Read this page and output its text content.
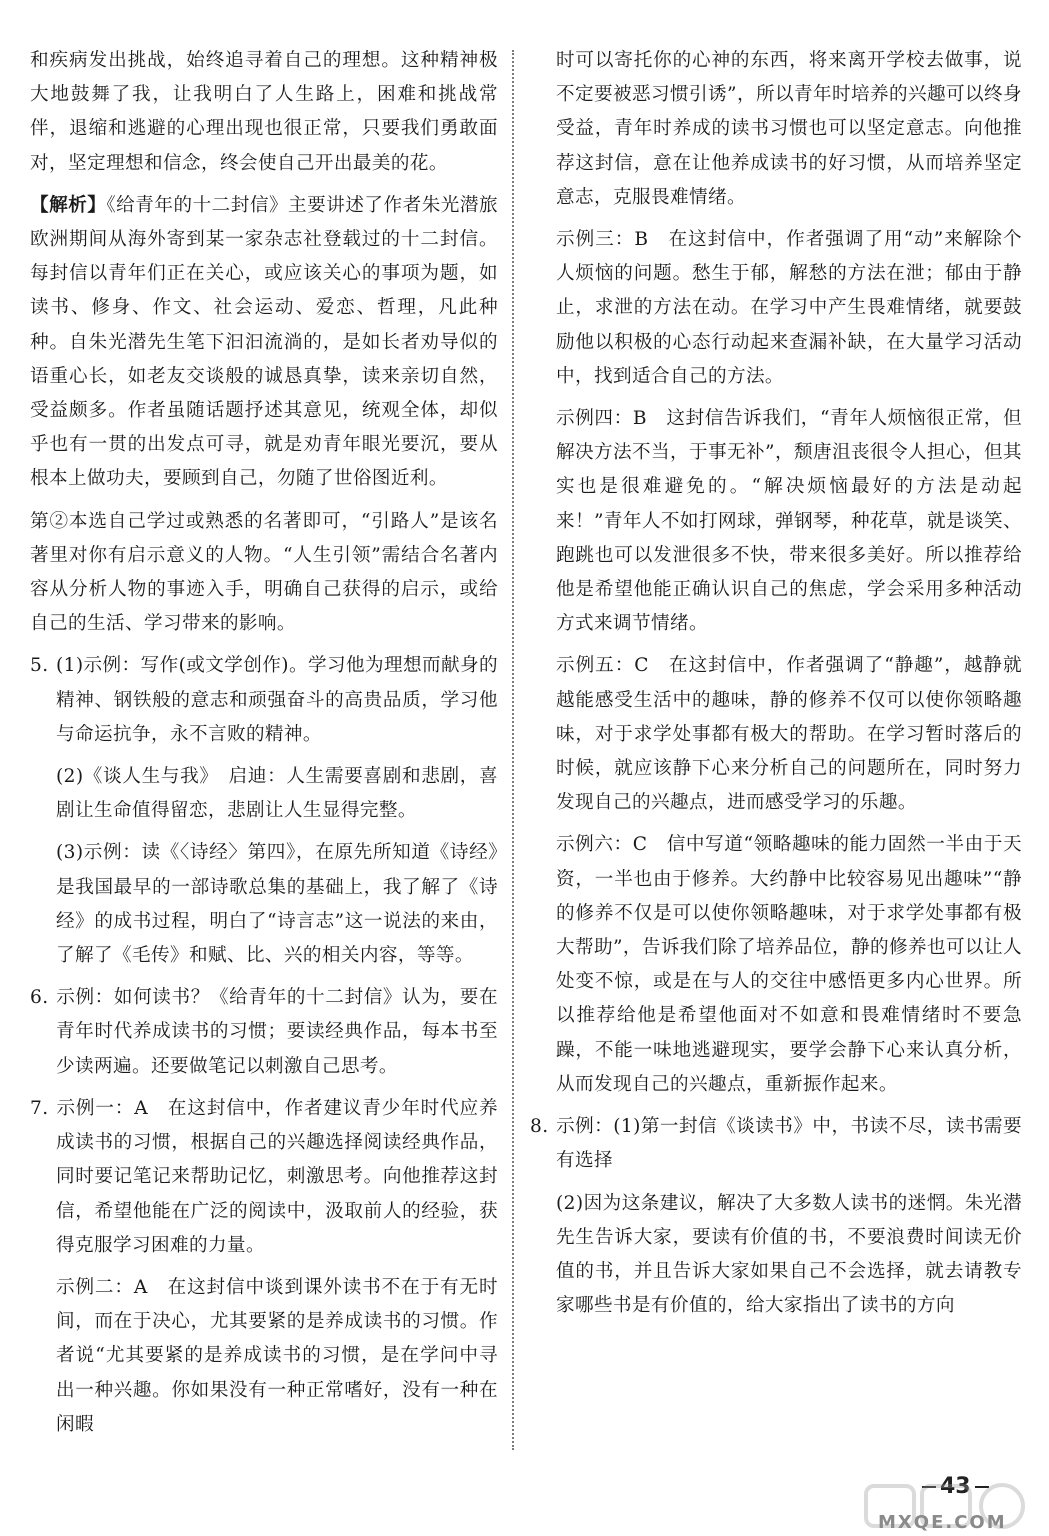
和疾病发出挑战，始终追寻着自己的理想。这种精神极大地鼓舞了我，让我明白了人生路上，困难和挑战常伴，退缩和逃避的心理出现也很正常，只要我们勇敢面对，坚定理想和信念，终会使自己开出最美的花。

【解析】《给青年的十二封信》主要讲述了作者朱光潜旅欧洲期间从海外寄到某一家杂志社登载过的十二封信。每封信以青年们正在关心，或应该关心的事项为题，如读书、修身、作文、社会运动、爱恋、哲理，凡此种种。自朱光潜先生笔下汩汩流淌的，是如长者劝导似的语重心长，如老友交谈般的诚恳真挚，读来亲切自然，受益颇多。作者虽随话题抒述其意见，统观全体，却似乎也有一贯的出发点可寻，就是劝青年眼光要沉，要从根本上做功夫，要顾到自己，勿随了世俗图近利。

第②本选自己学过或熟悉的名著即可，“引路人”是该名著里对你有启示意义的人物。“人生引领”需结合名著内容从分析人物的事迹入手，明确自己获得的启示，或给自己的生活、学习带来的影响。

5. (1)示例：写作(或文学创作)。学习他为理想而献身的精神、钢铁般的意志和顽强奋斗的高贵品质，学习他与命运抗争，永不言败的精神。

(2)《谈人生与我》　启迪：人生需要喜剧和悲剧，喜剧让生命值得留恋，悲剧让人生显得完整。

(3)示例：读《〈诗经〉第四》，在原先所知道《诗经》是我国最早的一部诗歌总集的基础上，我了解了《诗经》的成书过程，明白了“诗言志”这一说法的来由，了解了《毛传》和赋、比、兴的相关内容，等等。

6. 示例：如何读书？《给青年的十二封信》认为，要在青年时代养成读书的习惯；要读经典作品，每本书至少读两遍。还要做笔记以刺激自己思考。

7. 示例一：A　在这封信中，作者建议青少年时代应养成读书的习惯，根据自己的兴趣选择阅读经典作品，同时要记笔记来帮助记忆，刺激思考。向他推荐这封信，希望他能在广泛的阅读中，汲取前人的经验，获得克服学习困难的力量。

示例二：A　在这封信中谈到课外读书不在于有无时间，而在于决心，尤其要紧的是养成读书的习惯。作者说“尤其要紧的是养成读书的习惯，是在学问中寻出一种兴趣。你如果没有一种正常嗜好，没有一种在闲暇

时可以寄托你的心神的东西，将来离开学校去做事，说不定要被恶习惯引诱”，所以青年时培养的兴趣可以终身受益，青年时养成的读书习惯也可以坚定意志。向他推荐这封信，意在让他养成读书的好习惯，从而培养坚定意志，克服畏难情绪。

示例三：B　在这封信中，作者强调了用“动”来解除个人烦恼的问题。愁生于郁，解愁的方法在泄；郁由于静止，求泄的方法在动。在学习中产生畏难情绪，就要鼓励他以积极的心态行动起来查漏补缺，在大量学习活动中，找到适合自己的方法。

示例四：B　这封信告诉我们，“青年人烦恼很正常，但解决方法不当，于事无补”，颓唐沮丧很令人担心，但其实也是很难避免的。“解决烦恼最好的方法是动起来！”青年人不如打网球，弹钢琴，种花草，就是谈笑、跑跳也可以发泄很多不快，带来很多美好。所以推荐给他是希望他能正确认识自己的焦虑，学会采用多种活动方式来调节情绪。

示例五：C　在这封信中，作者强调了“静趣”，越静就越能感受生活中的趣味，静的修养不仅可以使你领略趣味，对于求学处事都有极大的帮助。在学习暂时落后的时候，就应该静下心来分析自己的问题所在，同时努力发现自己的兴趣点，进而感受学习的乐趣。

示例六：C　信中写道“领略趣味的能力固然一半由于天资，一半也由于修养。大约静中比较容易见出趣味”“静的修养不仅是可以使你领略趣味，对于求学处事都有极大帮助”，告诉我们除了培养品位，静的修养也可以让人处变不惊，或是在与人的交往中感悟更多内心世界。所以推荐给他是希望他面对不如意和畏难情绪时不要急躁，不能一味地逃避现实，要学会静下心来认真分析，从而发现自己的兴趣点，重新振作起来。

8. 示例：(1)第一封信《谈读书》中，书读不尽，读书需要有选择

(2)因为这条建议，解决了大多数人读书的迷惘。朱光潜先生告诉大家，要读有价值的书，不要浪费时间读无价值的书，并且告诉大家如果自己不会选择，就去请教专家哪些书是有价值的，给大家指出了读书的方向

43
MXQE.COM
